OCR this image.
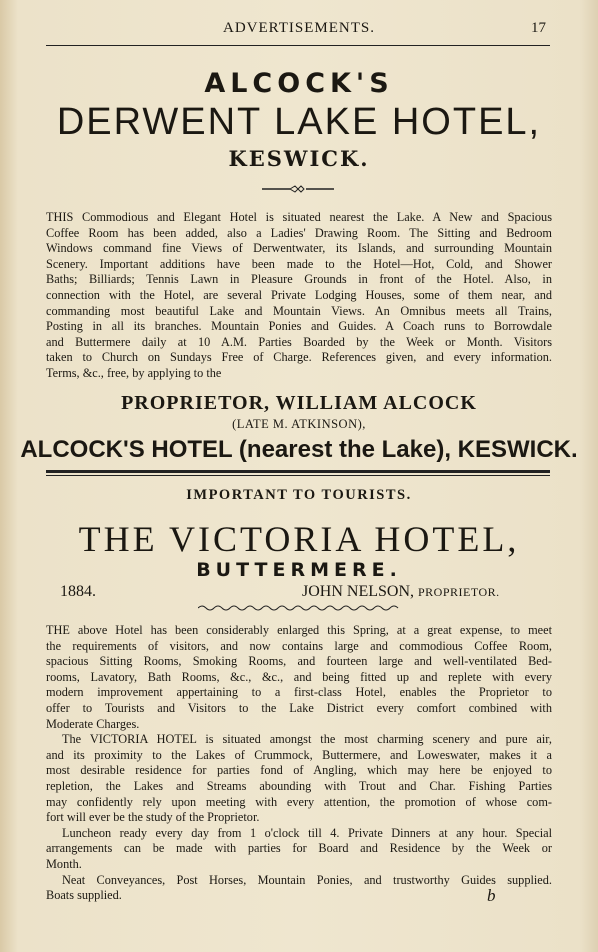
ADVERTISEMENTS.	17
ALCOCK'S
DERWENT LAKE HOTEL,
KESWICK.
THIS Commodious and Elegant Hotel is situated nearest the Lake. A New and Spacious
Coffee Room has been added, also a Ladies' Drawing Room. The Sitting and Bedroom
Windows command fine Views of Derwentwater, its Islands, and surrounding Mountain
Scenery. Important additions have been made to the Hotel—Hot, Cold, and Shower
Baths; Billiards; Tennis Lawn in Pleasure Grounds in front of the Hotel. Also, in
connection with the Hotel, are several Private Lodging Houses, some of them near, and
commanding most beautiful Lake and Mountain Views. An Omnibus meets all Trains,
Posting in all its branches. Mountain Ponies and Guides. A Coach runs to Borrowdale
and Buttermere daily at 10 A.M. Parties Boarded by the Week or Month. Visitors
taken to Church on Sundays Free of Charge. References given, and every information.
Terms, &c., free, by applying to the
PROPRIETOR, WILLIAM ALCOCK
(LATE M. ATKINSON),
ALCOCK'S HOTEL (nearest the Lake), KESWICK.
IMPORTANT TO TOURISTS.
THE VICTORIA HOTEL,
BUTTERMERE.
1884.	JOHN NELSON, PROPRIETOR.
THE above Hotel has been considerably enlarged this Spring, at a great expense, to meet
the requirements of visitors, and now contains large and commodious Coffee Room,
spacious Sitting Rooms, Smoking Rooms, and fourteen large and well-ventilated Bed-
rooms, Lavatory, Bath Rooms, &c., &c., and being fitted up and replete with every
modern improvement appertaining to a first-class Hotel, enables the Proprietor to
offer to Tourists and Visitors to the Lake District every comfort combined with
Moderate Charges.
The VICTORIA HOTEL is situated amongst the most charming scenery and pure air,
and its proximity to the Lakes of Crummock, Buttermere, and Loweswater, makes it a
most desirable residence for parties fond of Angling, which may here be enjoyed to
repletion, the Lakes and Streams abounding with Trout and Char. Fishing Parties
may confidently rely upon meeting with every attention, the promotion of whose com-
fort will ever be the study of the Proprietor.
Luncheon ready every day from 1 o'clock till 4. Private Dinners at any hour. Special
arrangements can be made with parties for Board and Residence by the Week or
Month.
Neat Conveyances, Post Horses, Mountain Ponies, and trustworthy Guides supplied.
Boats supplied.	b
